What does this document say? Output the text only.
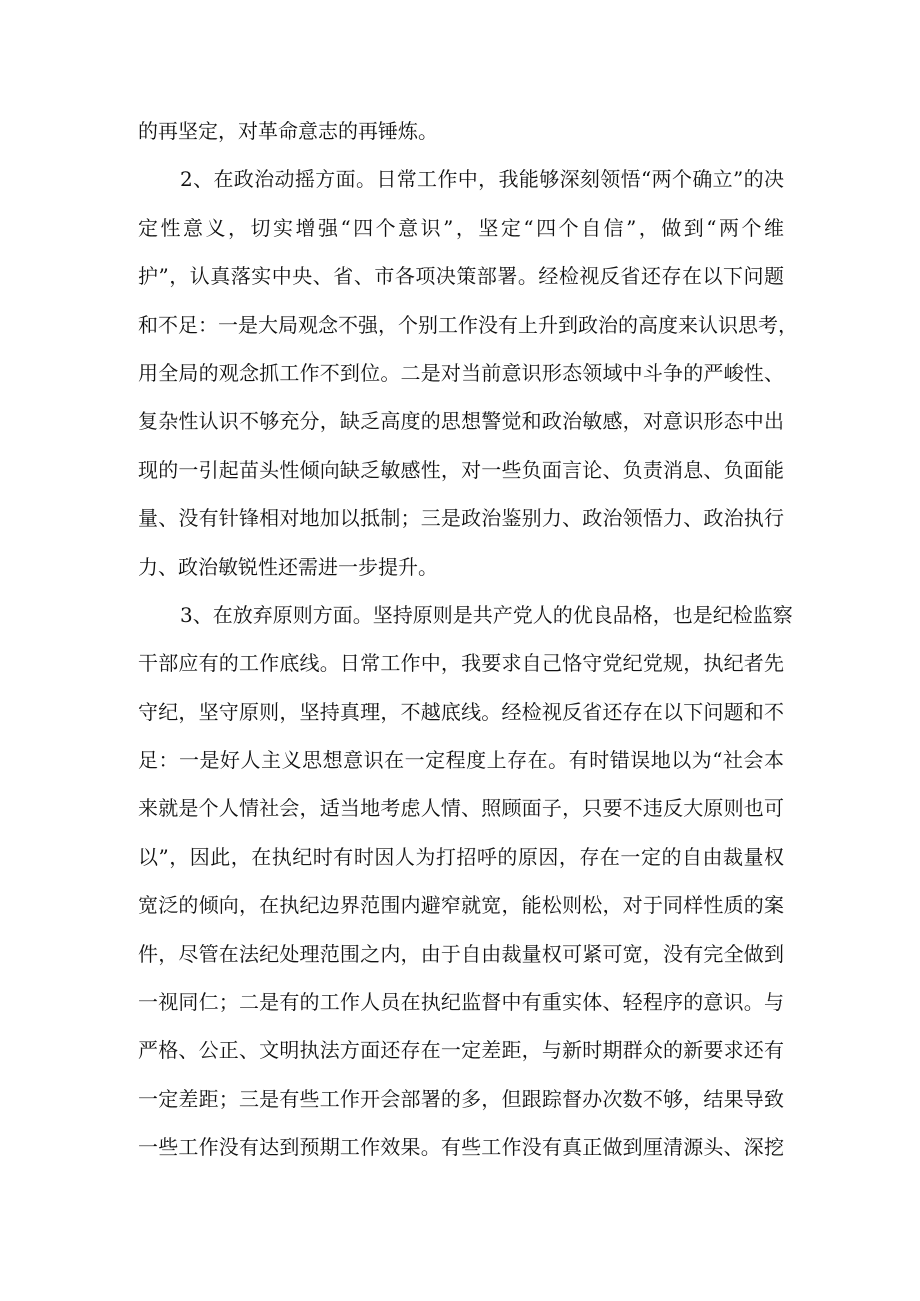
的再坚定，对革命意志的再锤炼。
2、在政治动摇方面。日常工作中，我能够深刻领悟“两个确立”的决
定性意义，切实增强“四个意识”，坚定“四个自信”，做到“两个维
护”，认真落实中央、省、市各项决策部署。经检视反省还存在以下问题
和不足：一是大局观念不强，个别工作没有上升到政治的高度来认识思考，
用全局的观念抓工作不到位。二是对当前意识形态领域中斗争的严峻性、
复杂性认识不够充分，缺乏高度的思想警觉和政治敏感，对意识形态中出
现的一引起苗头性倾向缺乏敏感性，对一些负面言论、负责消息、负面能
量、没有针锋相对地加以抵制；三是政治鉴别力、政治领悟力、政治执行
力、政治敏锐性还需进一步提升。
3、在放弃原则方面。坚持原则是共产党人的优良品格，也是纪检监察
干部应有的工作底线。日常工作中，我要求自己恪守党纪党规，执纪者先
守纪，坚守原则，坚持真理，不越底线。经检视反省还存在以下问题和不
足：一是好人主义思想意识在一定程度上存在。有时错误地以为“社会本
来就是个人情社会，适当地考虑人情、照顾面子，只要不违反大原则也可
以”，因此，在执纪时有时因人为打招呼的原因，存在一定的自由裁量权
宽泛的倾向，在执纪边界范围内避窄就宽，能松则松，对于同样性质的案
件，尽管在法纪处理范围之内，由于自由裁量权可紧可宽，没有完全做到
一视同仁；二是有的工作人员在执纪监督中有重实体、轻程序的意识。与
严格、公正、文明执法方面还存在一定差距，与新时期群众的新要求还有
一定差距；三是有些工作开会部署的多，但跟踪督办次数不够，结果导致
一些工作没有达到预期工作效果。有些工作没有真正做到厘清源头、深挖
